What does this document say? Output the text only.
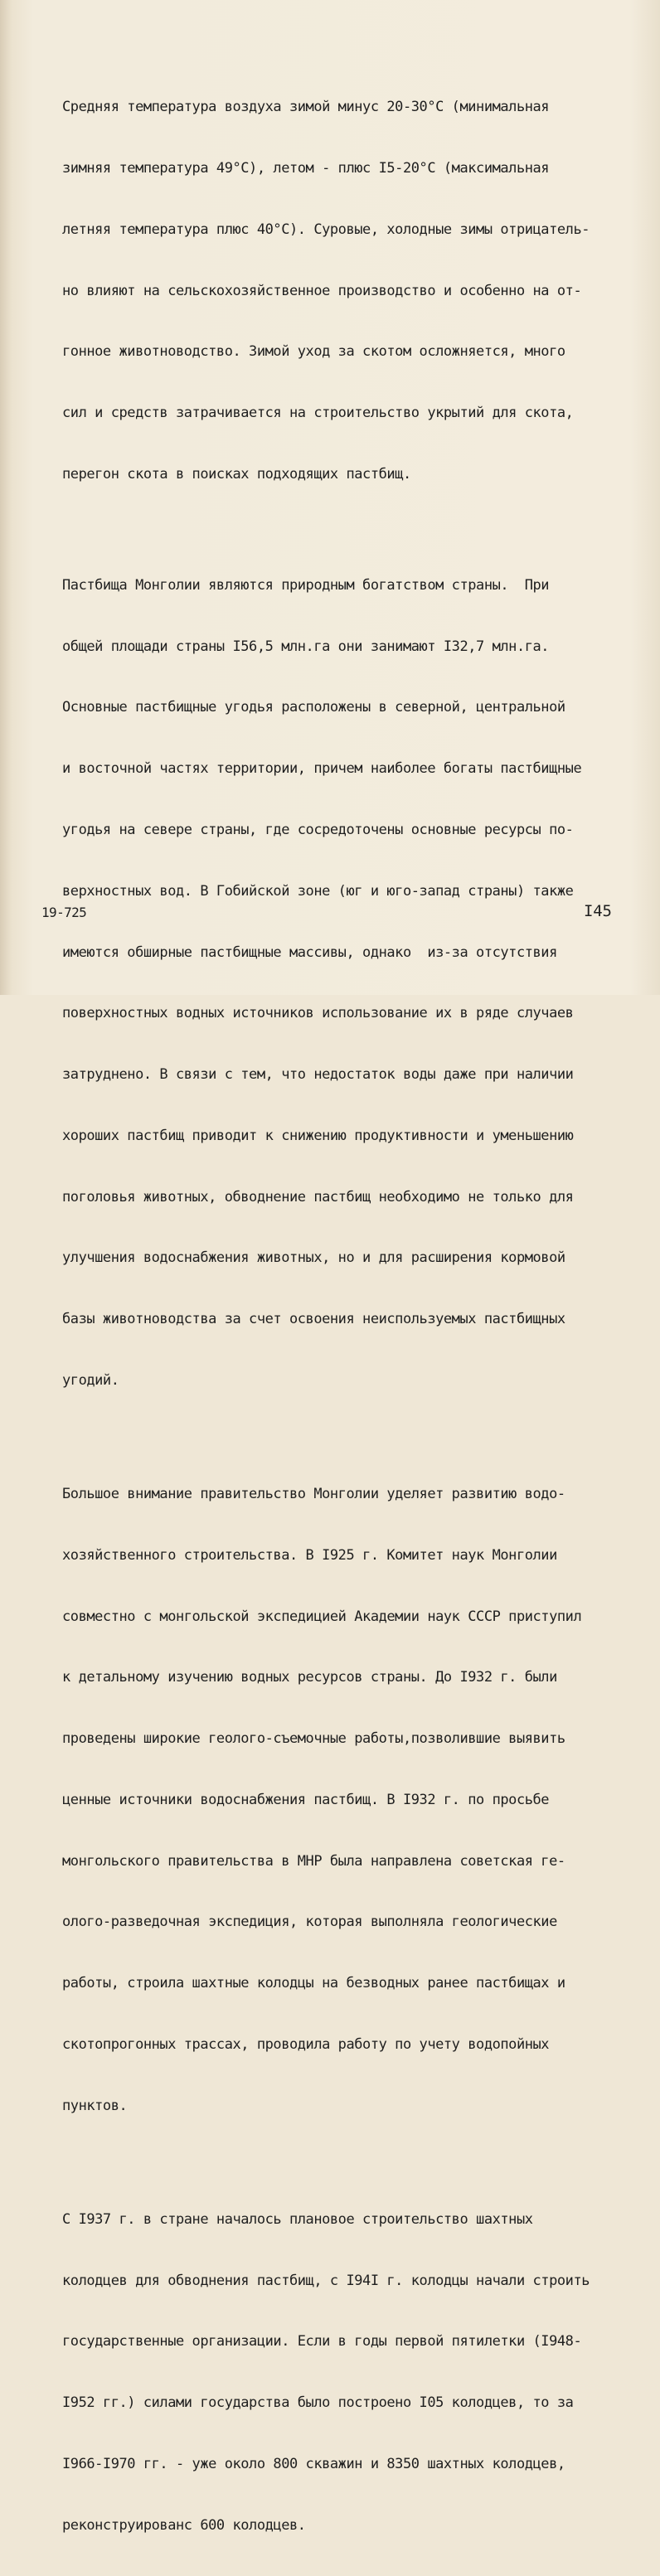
Средняя температура воздуха зимой минус 20-30°C (минимальная

зимняя температура 49°C), летом - плюс I5-20°C (максимальная

летняя температура плюс 40°C). Суровые, холодные зимы отрицатель-

но влияют на сельскохозяйственное производство и особенно на от-

гонное животноводство. Зимой уход за скотом осложняется, много

сил и средств затрачивается на строительство укрытий для скота,

перегон скота в поисках подходящих пастбищ.

Пастбища Монголии являются природным богатством страны.  При

общей площади страны I56,5 млн.га они занимают I32,7 млн.га.

Основные пастбищные угодья расположены в северной, центральной

и восточной частях территории, причем наиболее богаты пастбищные

угодья на севере страны, где сосредоточены основные ресурсы по-

верхностных вод. В Гобийской зоне (юг и юго-запад страны) также

имеются обширные пастбищные массивы, однако  из-за отсутствия

поверхностных водных источников использование их в ряде случаев

затруднено. В связи с тем, что недостаток воды даже при наличии

хороших пастбищ приводит к снижению продуктивности и уменьшению

поголовья животных, обводнение пастбищ необходимо не только для

улучшения водоснабжения животных, но и для расширения кормовой

базы животноводства за счет освоения неиспользуемых пастбищных

угодий.

Большое внимание правительство Монголии уделяет развитию водо-

хозяйственного строительства. В I925 г. Комитет наук Монголии

совместно с монгольской экспедицией Академии наук СССР приступил

к детальному изучению водных ресурсов страны. До I932 г. были

проведены широкие геолого-съемочные работы,позволившие выявить

ценные источники водоснабжения пастбищ. В I932 г. по просьбе

монгольского правительства в МНР была направлена советская ге-

олого-разведочная экспедиция, которая выполняла геологические

работы, строила шахтные колодцы на безводных ранее пастбищах и

скотопрогонных трассах, проводила работу по учету водопойных

пунктов.

С I937 г. в стране началось плановое строительство шахтных

колодцев для обводнения пастбищ, с I94I г. колодцы начали строить

государственные организации. Если в годы первой пятилетки (I948-

I952 гг.) силами государства было построено I05 колодцев, то за

I966-I970 гг. - уже около 800 скважин и 8350 шахтных колодцев,

реконструированс 600 колодцев.

19-725	I45
